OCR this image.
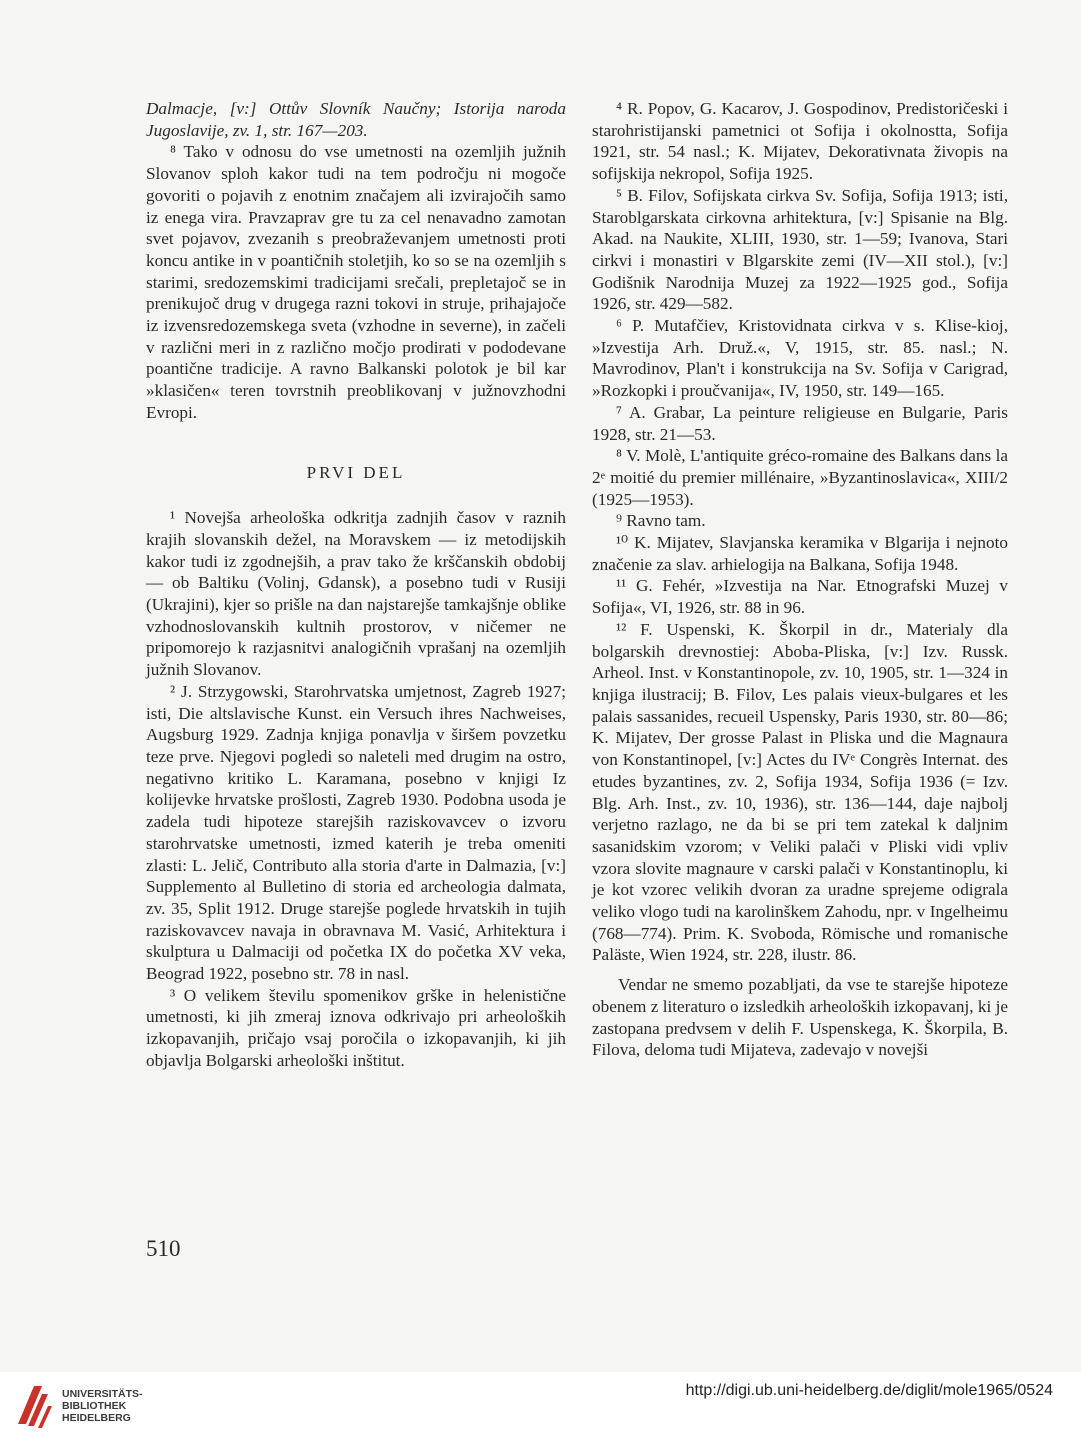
Dalmacje, [v:] Ottův Slovník Naučny; Istorija naroda Jugoslavije, zv. 1, str. 167—203.

⁸ Tako v odnosu do vse umetnosti na ozemljih južnih Slovanov sploh kakor tudi na tem področju ni mogoče govoriti o pojavih z enotnim značajem ali izvirajočih samo iz enega vira. Pravzaprav gre tu za cel nenavadno zamotan svet pojavov, zvezanih s preobraževanjem umetnosti proti koncu antike in v poantičnih stoletjih, ko so se na ozemljih s starimi, sredozemskimi tradicijami srečali, prepletajoč se in prenikujoč drug v drugega razni tokovi in struje, prihajajoče iz izvensredozemskega sveta (vzhodne in severne), in začeli v različni meri in z različno močjo prodirati v pododevane poantične tradicije. A ravno Balkanski polotok je bil kar »klasičen« teren tovrstnih preoblikovanj v južnovzhodni Evropi.

PRVI DEL

¹ Novejša arheološka odkritja zadnjih časov v raznih krajih slovanskih dežel, na Moravskem — iz metodijskih kakor tudi iz zgodnejših, a prav tako že krščanskih obdobij — ob Baltiku (Volinj, Gdansk), a posebno tudi v Rusiji (Ukrajini), kjer so prišle na dan najstarejše tamkajšnje oblike vzhodnoslovanskih kultnih prostorov, v ničemer ne pripomorejo k razjasnitvi analogičnih vprašanj na ozemljih južnih Slovanov.

² J. Strzygowski, Starohrvatska umjetnost, Zagreb 1927; isti, Die altslavische Kunst. ein Versuch ihres Nachweises, Augsburg 1929. Zadnja knjiga ponavlja v širšem povzetku teze prve. Njegovi pogledi so naleteli med drugim na ostro, negativno kritiko L. Karamana, posebno v knjigi Iz kolijevke hrvatske prošlosti, Zagreb 1930. Podobna usoda je zadela tudi hipoteze starejših raziskovavcev o izvoru starohrvatske umetnosti, izmed katerih je treba omeniti zlasti: L. Jelič, Contributo alla storia d'arte in Dalmazia, [v:] Supplemento al Bulletino di storia ed archeologia dalmata, zv. 35, Split 1912. Druge starejše poglede hrvatskih in tujih raziskovavcev navaja in obravnava M. Vasić, Arhitektura i skulptura u Dalmaciji od početka IX do početka XV veka, Beograd 1922, posebno str. 78 in nasl.

³ O velikem številu spomenikov grške in helenistične umetnosti, ki jih zmeraj iznova odkrivajo pri arheoloških izkopavanjih, pričajo vsaj poročila o izkopavanjih, ki jih objavlja Bolgarski arheološki inštitut.

⁴ R. Popov, G. Kacarov, J. Gospodinov, Predistoričeski i starohristijanski pametnici ot Sofija i okolnostta, Sofija 1921, str. 54 nasl.; K. Mijatev, Dekorativnata živopis na sofijskija nekropol, Sofija 1925.

⁵ B. Filov, Sofijskata cirkva Sv. Sofija, Sofija 1913; isti, Staroblgarskata cirkovna arhitektura, [v:] Spisanie na Blg. Akad. na Naukite, XLIII, 1930, str. 1—59; Ivanova, Stari cirkvi i monastiri v Blgarskite zemi (IV—XII stol.), [v:] Godišnik Narodnija Muzej za 1922—1925 god., Sofija 1926, str. 429—582.

⁶ P. Mutafčiev, Kristovidnata cirkva v s. Klise-kioj, »Izvestija Arh. Druž.«, V, 1915, str. 85. nasl.; N. Mavrodinov, Plan't i konstrukcija na Sv. Sofija v Carigrad, »Rozkopki i proučvanija«, IV, 1950, str. 149—165.

⁷ A. Grabar, La peinture religieuse en Bulgarie, Paris 1928, str. 21—53.

⁸ V. Molè, L'antiquite gréco-romaine des Balkans dans la 2ᵉ moitié du premier millénaire, »Byzantinoslavica«, XIII/2 (1925—1953).

⁹ Ravno tam.

¹⁰ K. Mijatev, Slavjanska keramika v Blgarija i nejnoto značenie za slav. arhielogija na Balkana, Sofija 1948.

¹¹ G. Fehér, »Izvestija na Nar. Etnografski Muzej v Sofija«, VI, 1926, str. 88 in 96.

¹² F. Uspenski, K. Škorpil in dr., Materialy dla bolgarskih drevnostiej: Aboba-Pliska, [v:] Izv. Russk. Arheol. Inst. v Konstantinopole, zv. 10, 1905, str. 1—324 in knjiga ilustracij; B. Filov, Les palais vieux-bulgares et les palais sassanides, recueil Uspensky, Paris 1930, str. 80—86; K. Mijatev, Der grosse Palast in Pliska und die Magnaura von Konstantinopel, [v:] Actes du IVᵉ Congrès Internat. des etudes byzantines, zv. 2, Sofija 1934, Sofija 1936 (= Izv. Blg. Arh. Inst., zv. 10, 1936), str. 136—144, daje najbolj verjetno razlago, ne da bi se pri tem zatekal k daljnim sasanidskim vzorom; v Veliki palači v Pliski vidi vpliv vzora slovite magnaure v carski palači v Konstantinoplu, ki je kot vzorec velikih dvoran za uradne sprejeme odigrala veliko vlogo tudi na karolinškem Zahodu, npr. v Ingelheimu (768—774). Prim. K. Svoboda, Römische und romanische Paläste, Wien 1924, str. 228, ilustr. 86.

Vendar ne smemo pozabljati, da vse te starejše hipoteze obenem z literaturo o izsledkih arheoloških izkopavanj, ki je zastopana predvsem v delih F. Uspenskega, K. Škorpila, B. Filova, deloma tudi Mijateva, zadevajo v novejši

510
UNIVERSITÄTS-
BIBLIOTHEK
HEIDELBERG
http://digi.ub.uni-heidelberg.de/diglit/mole1965/0524
